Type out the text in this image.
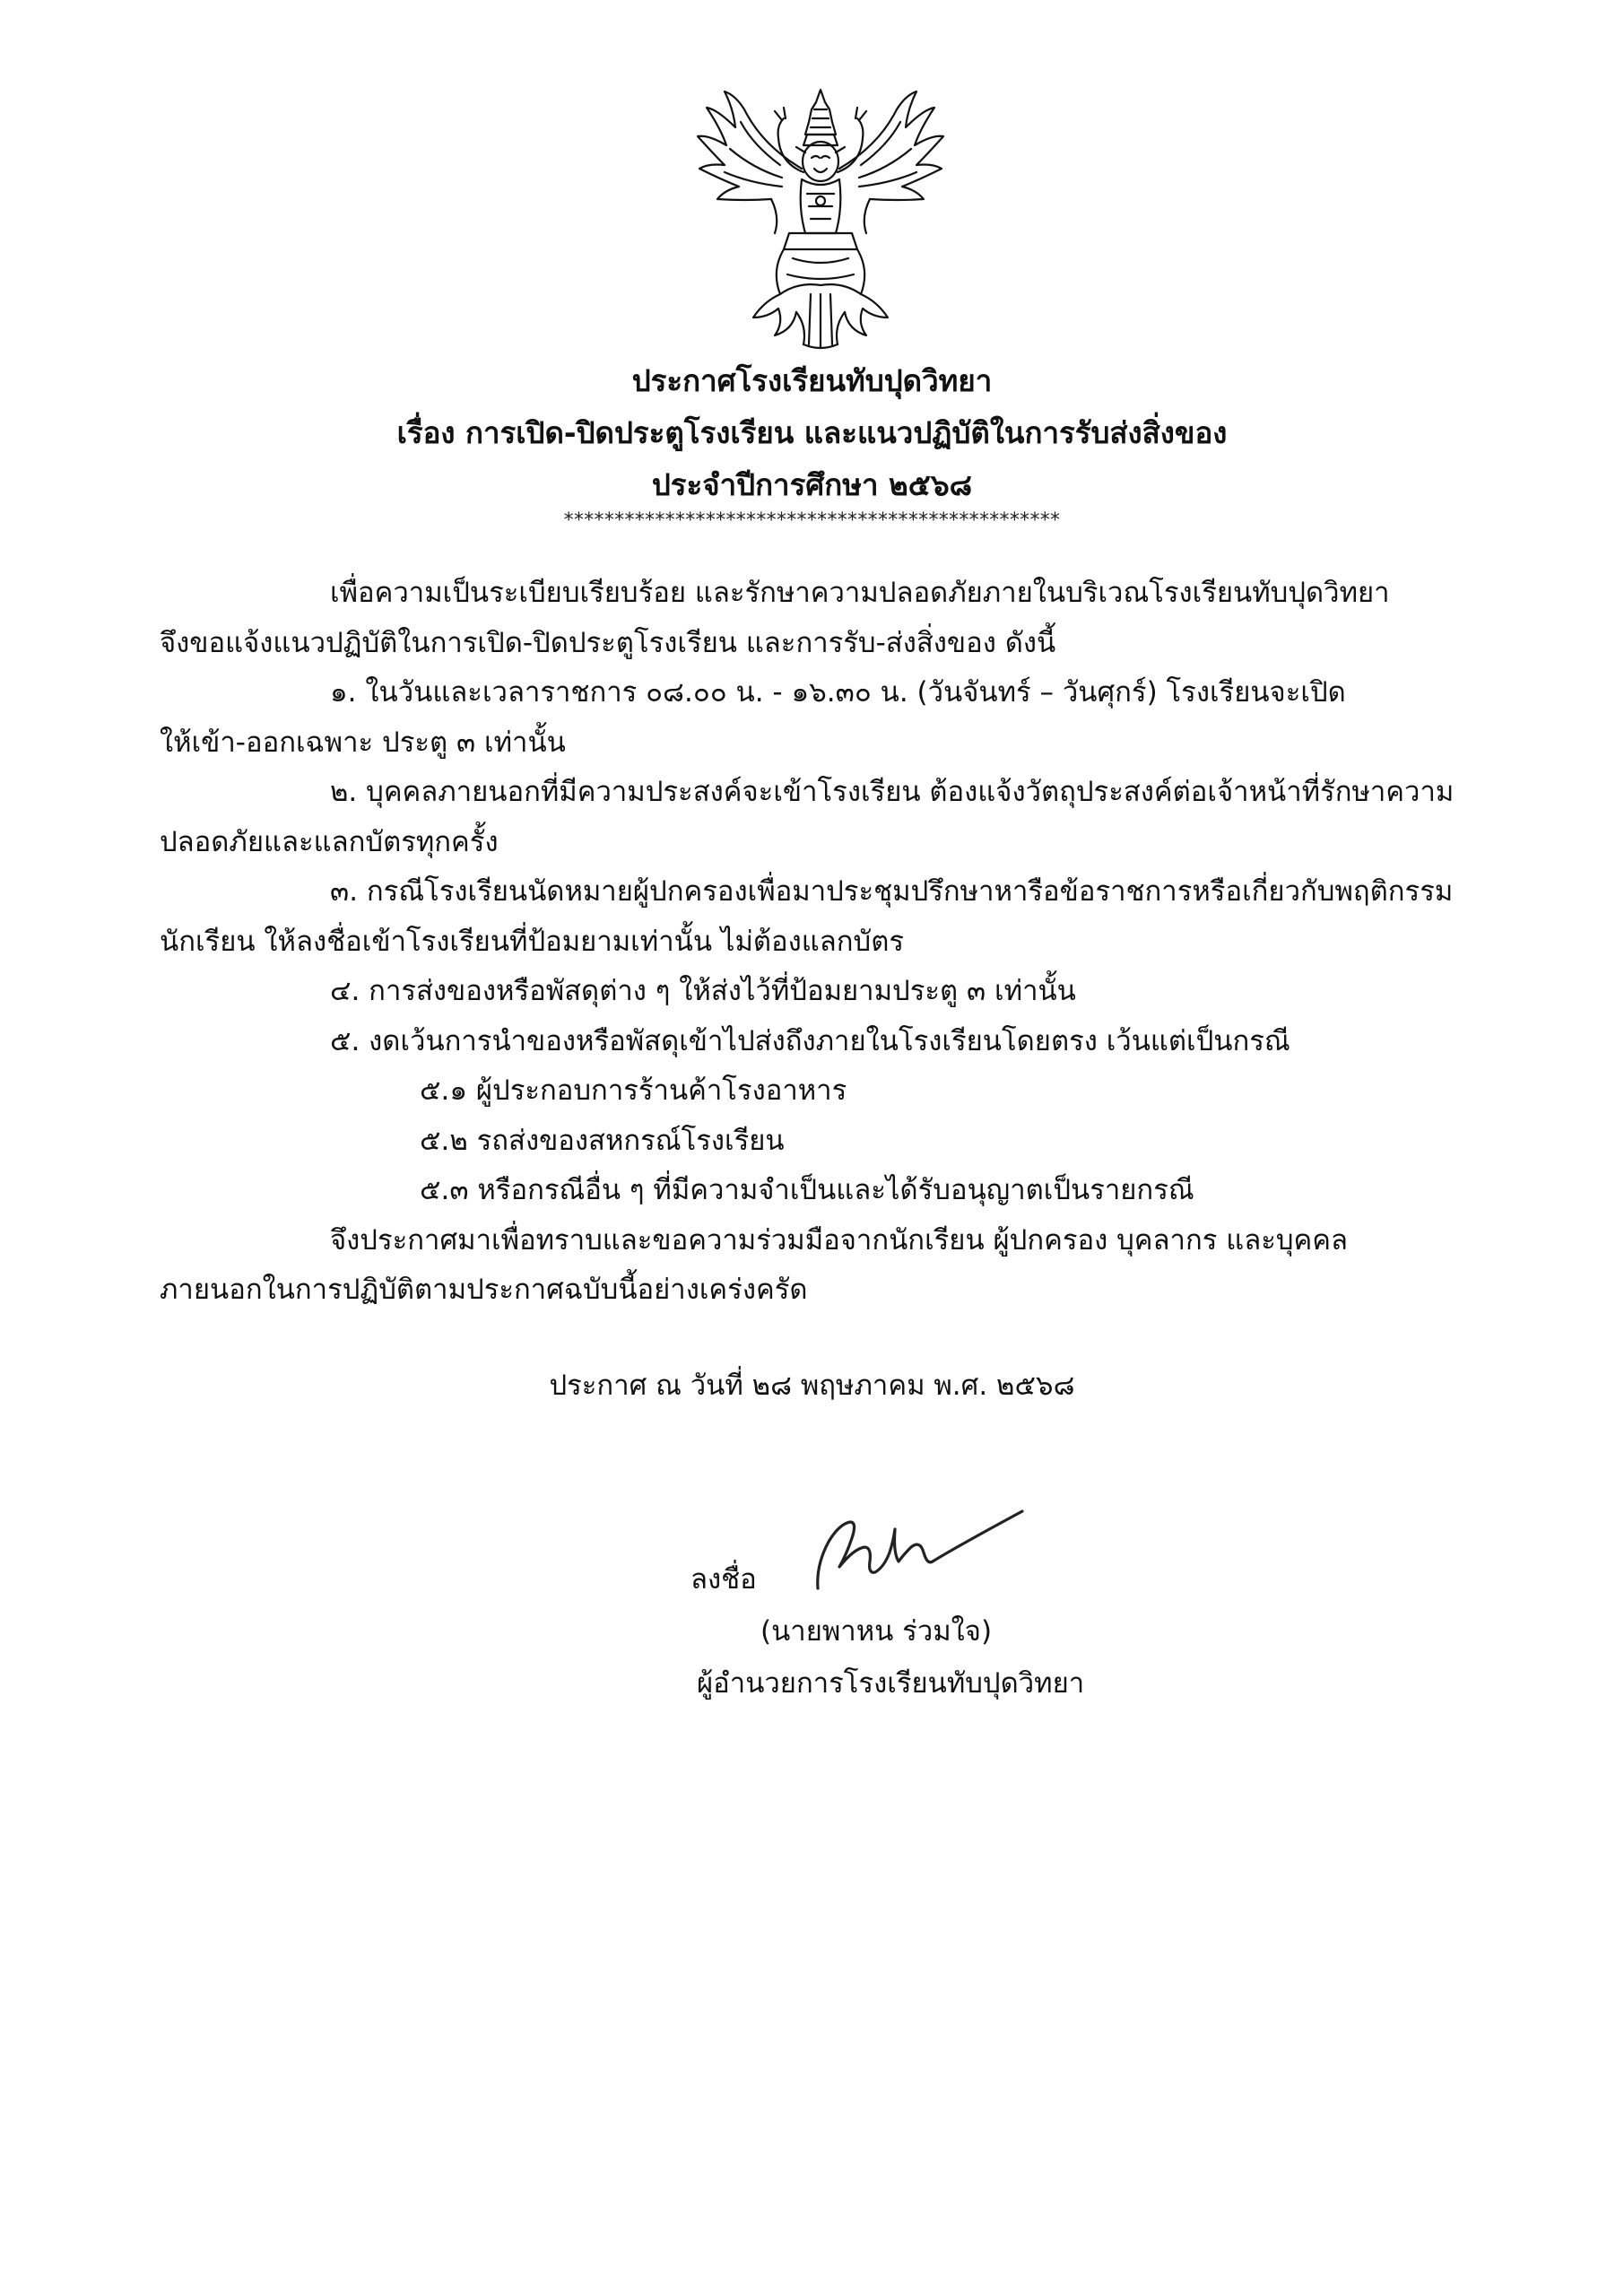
ประกาศโรงเรียนทับปุดวิทยา
เรื่อง การเปิด-ปิดประตูโรงเรียน และแนวปฏิบัติในการรับส่งสิ่งของ
ประจำปีการศึกษา ๒๕๖๘
*************************************************
เพื่อความเป็นระเบียบเรียบร้อย และรักษาความปลอดภัยภายในบริเวณโรงเรียนทับปุดวิทยา
จึงขอแจ้งแนวปฏิบัติในการเปิด-ปิดประตูโรงเรียน และการรับ-ส่งสิ่งของ ดังนี้
๑. ในวันและเวลาราชการ ๐๘.๐๐ น. - ๑๖.๓๐ น. (วันจันทร์ – วันศุกร์) โรงเรียนจะเปิด
ให้เข้า-ออกเฉพาะ ประตู ๓ เท่านั้น
๒. บุคคลภายนอกที่มีความประสงค์จะเข้าโรงเรียน ต้องแจ้งวัตถุประสงค์ต่อเจ้าหน้าที่รักษาความ
ปลอดภัยและแลกบัตรทุกครั้ง
๓. กรณีโรงเรียนนัดหมายผู้ปกครองเพื่อมาประชุมปรึกษาหารือข้อราชการหรือเกี่ยวกับพฤติกรรม
นักเรียน ให้ลงชื่อเข้าโรงเรียนที่ป้อมยามเท่านั้น ไม่ต้องแลกบัตร
๔. การส่งของหรือพัสดุต่าง ๆ ให้ส่งไว้ที่ป้อมยามประตู ๓ เท่านั้น
๕. งดเว้นการนำของหรือพัสดุเข้าไปส่งถึงภายในโรงเรียนโดยตรง เว้นแต่เป็นกรณี
๕.๑ ผู้ประกอบการร้านค้าโรงอาหาร
๕.๒ รถส่งของสหกรณ์โรงเรียน
๕.๓ หรือกรณีอื่น ๆ ที่มีความจำเป็นและได้รับอนุญาตเป็นรายกรณี
จึงประกาศมาเพื่อทราบและขอความร่วมมือจากนักเรียน ผู้ปกครอง บุคลากร และบุคคล
ภายนอกในการปฏิบัติตามประกาศฉบับนี้อย่างเคร่งครัด
ประกาศ ณ วันที่ ๒๘ พฤษภาคม พ.ศ. ๒๕๖๘
ลงชื่อ
(นายพาหน ร่วมใจ)
ผู้อำนวยการโรงเรียนทับปุดวิทยา
